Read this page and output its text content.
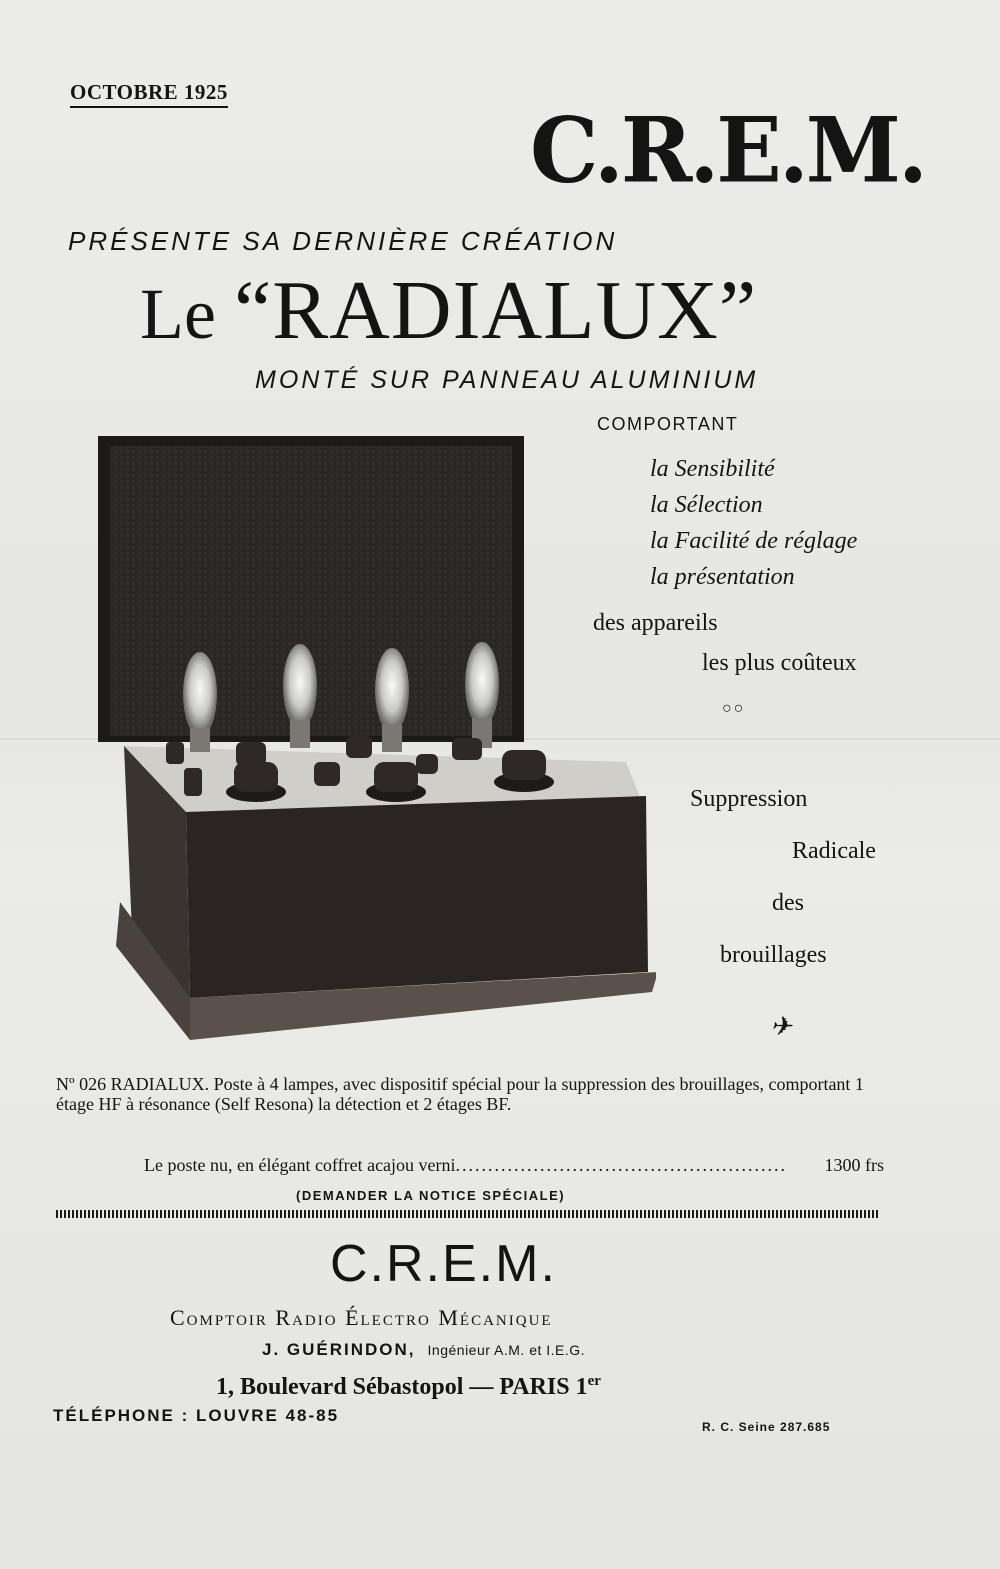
OCTOBRE 1925
C.R.E.M.
PRÉSENTE SA DERNIÈRE CRÉATION
Le “RADIALUX”
MONTÉ SUR PANNEAU ALUMINIUM
COMPORTANT
la Sensibilité
la Sélection
la Facilité de réglage
la présentation
des appareils
les plus coûteux
○○
Suppression
Radicale
des
brouillages
✈
Nº 026 RADIALUX. Poste à 4 lampes, avec dispositif spécial pour la suppression des brouillages, comportant 1 étage HF à résonance (Self Resona) la détection et 2 étages BF.
Le poste nu, en élégant coffret acajou verni ...................................................	1300 frs
(DEMANDER LA NOTICE SPÉCIALE)
C.R.E.M.
Comptoir Radio Électro Mécanique
J. GUÉRINDON, Ingénieur A.M. et I.E.G.
1, Boulevard Sébastopol — PARIS 1er
TÉLÉPHONE : LOUVRE 48-85
R. C. Seine 287.685
